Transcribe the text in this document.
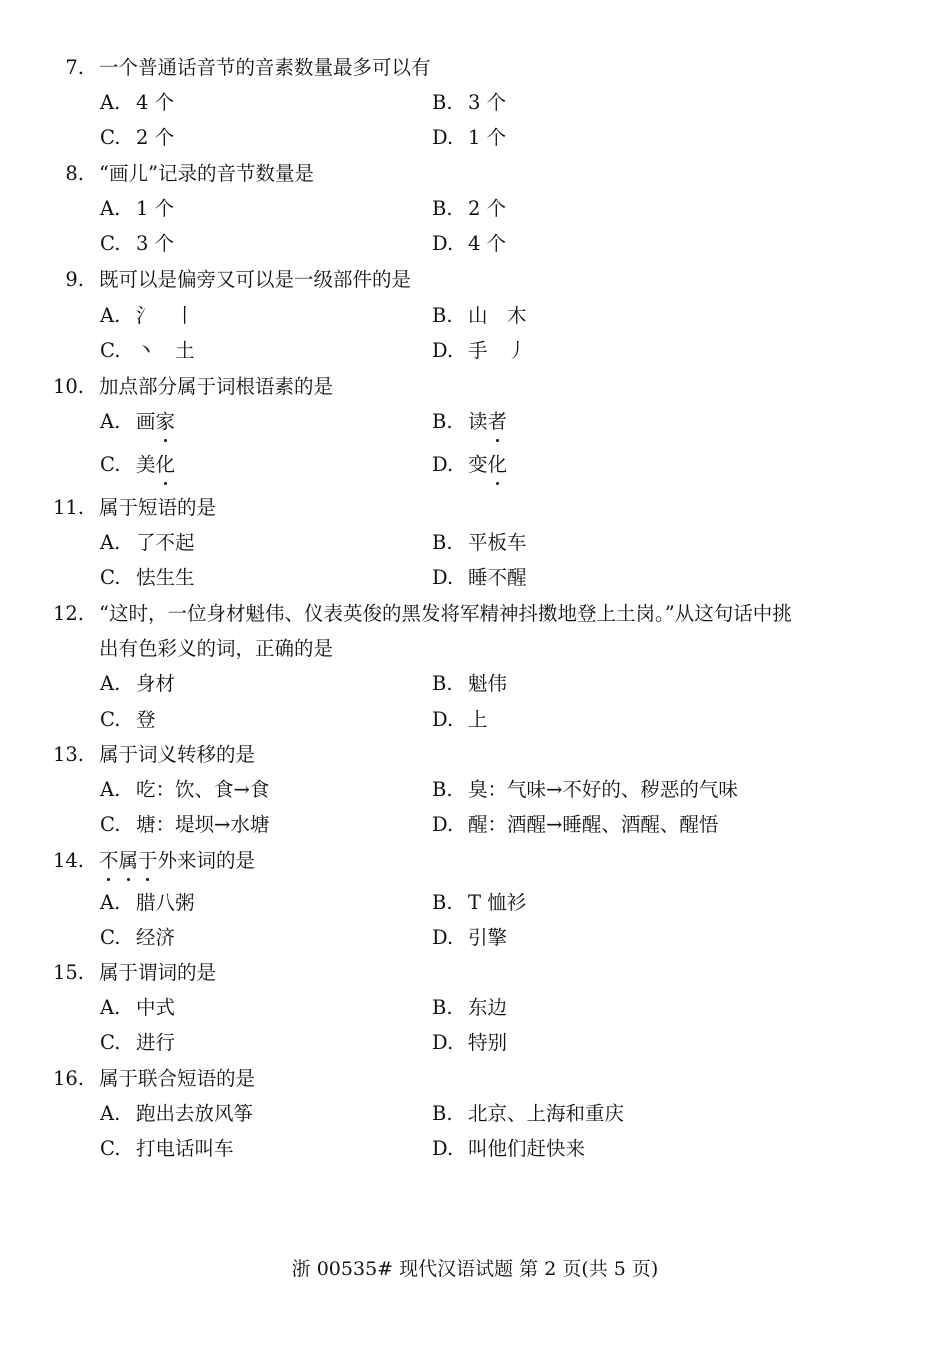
7. 一个普通话音节的音素数量最多可以有
A. 4 个	B. 3 个
C. 2 个	D. 1 个
8. “画儿”记录的音节数量是
A. 1 个	B. 2 个
C. 3 个	D. 4 个
9. 既可以是偏旁又可以是一级部件的是
A. 氵　丨	B. 山　木
C. 丶　土	D. 手　丿
10. 加点部分属于词根语素的是
A. 画 家	B. 读 者
C. 美 化	D. 变 化
11. 属于短语的是
A. 了不起	B. 平板车
C. 怯生生	D. 睡不醒
12. “这时，一位身材魁伟、仪表英俊的黑发将军精神抖擞地登上土岗。”从这句话中挑
出有色彩义的词，正确的是
A. 身材	B. 魁伟
C. 登	D. 上
13. 属于词义转移的是
A. 吃：饮、食→食	B. 臭：气味→不好的、秽恶的气味
C. 塘：堤坝→水塘	D. 醒：酒醒→睡醒、酒醒、醒悟
14. 不属于外来词的是
A. 腊八粥	B. T 恤衫
C. 经济	D. 引擎
15. 属于谓词的是
A. 中式	B. 东边
C. 进行	D. 特别
16. 属于联合短语的是
A. 跑出去放风筝	B. 北京、上海和重庆
C. 打电话叫车	D. 叫他们赶快来
浙 00535# 现代汉语试题 第 2 页(共 5 页)
